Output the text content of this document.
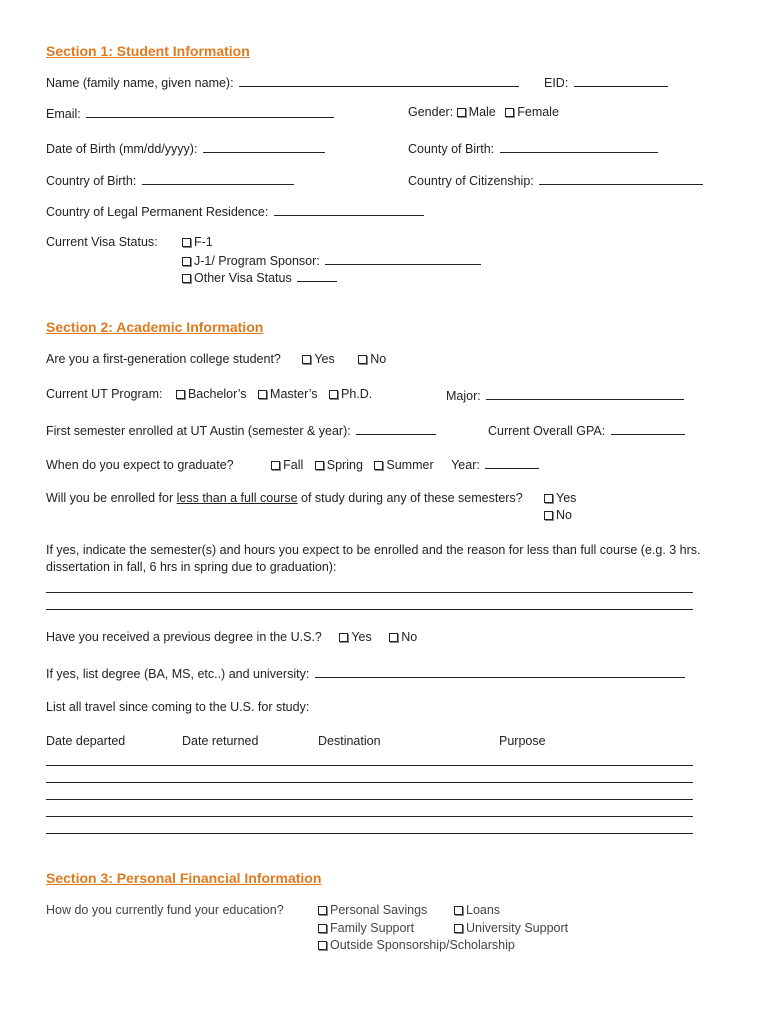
Section 1: Student Information
Name (family name, given name):	EID:
Email:	Gender: Male Female
Date of Birth (mm/dd/yyyy):	County of Birth:
Country of Birth:	Country of Citizenship:
Country of Legal Permanent Residence:
Current Visa Status:	F-1
J-1/ Program Sponsor:
Other Visa Status
Section 2: Academic Information
Are you a first-generation college student?	Yes	No
Current UT Program: Bachelor’s Master’s Ph.D.	Major:
First semester enrolled at UT Austin (semester & year):	Current Overall GPA:
When do you expect to graduate?	Fall Spring Summer Year:
Will you be enrolled for less than a full course of study during any of these semesters?	Yes
No
If yes, indicate the semester(s) and hours you expect to be enrolled and the reason for less than full course (e.g. 3 hrs.
dissertation in fall, 6 hrs in spring due to graduation):
Have you received a previous degree in the U.S.? Yes No
If yes, list degree (BA, MS, etc..) and university:
List all travel since coming to the U.S. for study:
Date departed	Date returned	Destination	Purpose
Section 3: Personal Financial Information
How do you currently fund your education?	Personal Savings	Loans
Family Support	University Support
Outside Sponsorship/Scholarship
